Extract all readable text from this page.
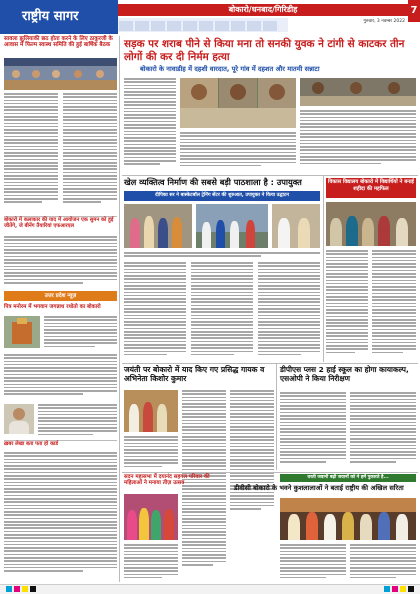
राष्ट्रीय सागर	बोकारो/धनबाद/गिरिडीह	7
गुरुवार, 3 नवम्बर 2022
सावला झुलियाकी छठ होता करने के लिए ठाकुरजी के आवास में फिल्म स्वास्थ समिति की हुई बार्षिक बैठक
बोकारो में कलाकार की याद में आयोजन एक सुमन को हुई जीतेंगे, जे बीनेंग तैयारियां एफआरएल
उत्तर प्रदेश न्यूज़
पित्र मनोरम में भगवान जगन्नाथ रथोतो का बोकारो
ख़बर लेखा बता पता हो कार्ड
सड़क पर शराब पीने से किया मना तो सनकी युवक ने टांगी से काटकर तीन लोगों की कर दी निर्मम हत्या
बोकारो के नावाडीह में दहशी वारदात, पूरे गांव में दहशत और मातमी सन्नाटा
खेल व्यक्तित्व निर्माण की सबसे बड़ी पाठशाला है : उपायुक्त
दीपिका सर ने बास्केटबॉल ट्रेनिंग सेंटर की शुरुआत, उपायुक्त ने किया उद्घाटन
विकास विद्यालय बोकारो में विद्यार्थियों ने बनाई शहीदा की महफिल
जयंती पर बोकारो में याद किए गए प्रसिद्ध गायक व अभिनेता किशोर कुमार
डीपीएस प्लस 2 हाई स्कूल का होगा कायाकल्प, एसओपी ने किया निरीक्षण
सदन महासभा में दयानंद सहगल परिवार की महिलाओं ने मनाया तीज़ उत्सव
धरती जवानी बढ़ी जवानों को ने हमें पुकारते है...
डीवीसी बोकारो के भवने कुशलालाओं ने बताई राष्ट्रीय की अखिल सरिता
